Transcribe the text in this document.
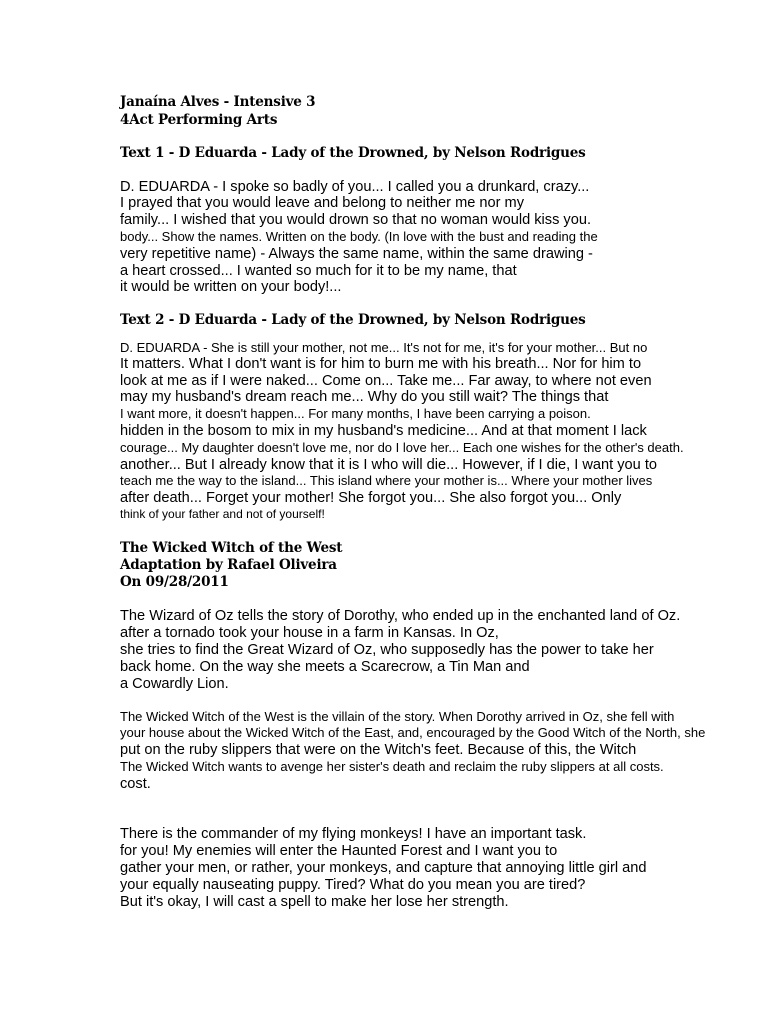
Janaína Alves - Intensive 3
4Act Performing Arts
Text 1 - D Eduarda - Lady of the Drowned, by Nelson Rodrigues
D. EDUARDA - I spoke so badly of you... I called you a drunkard, crazy...
I prayed that you would leave and belong to neither me nor my
family... I wished that you would drown so that no woman would kiss you.
body... Show the names. Written on the body. (In love with the bust and reading the
very repetitive name) - Always the same name, within the same drawing -
a heart crossed... I wanted so much for it to be my name, that
it would be written on your body!...
Text 2 - D Eduarda - Lady of the Drowned, by Nelson Rodrigues
D. EDUARDA - She is still your mother, not me... It's not for me, it's for your mother... But no
It matters. What I don't want is for him to burn me with his breath... Nor for him to
look at me as if I were naked... Come on... Take me... Far away, to where not even
may my husband's dream reach me... Why do you still wait? The things that
I want more, it doesn't happen... For many months, I have been carrying a poison.
hidden in the bosom to mix in my husband's medicine... And at that moment I lack
courage... My daughter doesn't love me, nor do I love her... Each one wishes for the other's death.
another... But I already know that it is I who will die... However, if I die, I want you to
teach me the way to the island... This island where your mother is... Where your mother lives
after death... Forget your mother! She forgot you... She also forgot you... Only
think of your father and not of yourself!
The Wicked Witch of the West
Adaptation by Rafael Oliveira
On 09/28/2011
The Wizard of Oz tells the story of Dorothy, who ended up in the enchanted land of Oz.
after a tornado took your house in a farm in Kansas. In Oz,
she tries to find the Great Wizard of Oz, who supposedly has the power to take her
back home. On the way she meets a Scarecrow, a Tin Man and
a Cowardly Lion.
The Wicked Witch of the West is the villain of the story. When Dorothy arrived in Oz, she fell with
your house about the Wicked Witch of the East, and, encouraged by the Good Witch of the North, she
put on the ruby slippers that were on the Witch's feet. Because of this, the Witch
The Wicked Witch wants to avenge her sister's death and reclaim the ruby slippers at all costs.
cost.
There is the commander of my flying monkeys! I have an important task.
for you! My enemies will enter the Haunted Forest and I want you to
gather your men, or rather, your monkeys, and capture that annoying little girl and
your equally nauseating puppy. Tired? What do you mean you are tired?
But it's okay, I will cast a spell to make her lose her strength.
